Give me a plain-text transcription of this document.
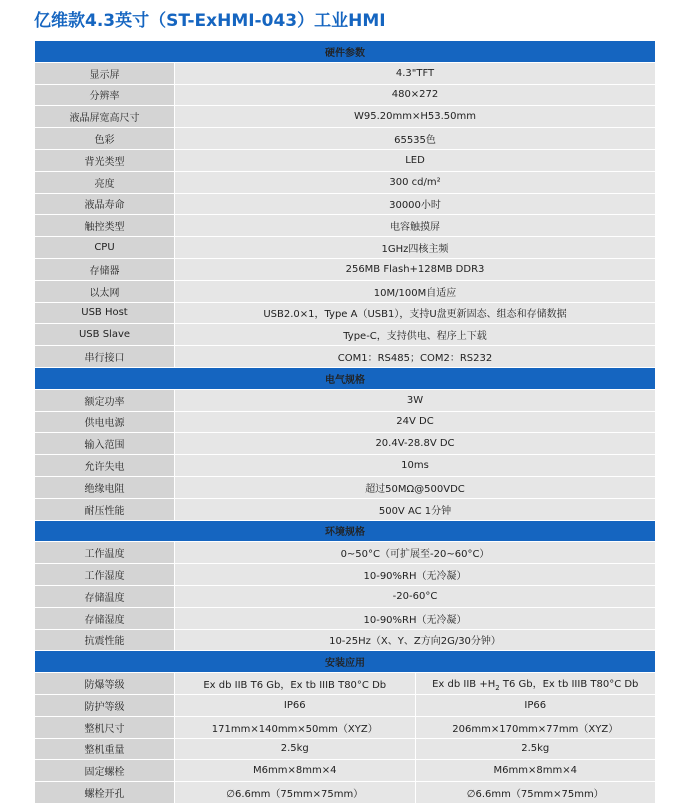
亿维款4.3英寸（ST-ExHMI-043）工业HMI
硬件参数		
显示屏	4.3"TFT	
分辨率	480×272	
液晶屏宽高尺寸	W95.20mm×H53.50mm	
色彩	65535色	
背光类型	LED	
亮度	300 cd/m²	
液晶寿命	30000小时	
触控类型	电容触摸屏	
CPU	1GHz四核主频	
存储器	256MB Flash+128MB DDR3	
以太网	10M/100M自适应	
USB Host	USB2.0×1，Type A（USB1），支持U盘更新固态、组态和存储数据	
USB Slave	Type-C，支持供电、程序上下载	
串行接口	COM1：RS485；COM2：RS232	
电气规格		
额定功率	3W	
供电电源	24V DC	
输入范围	20.4V-28.8V DC	
允许失电	10ms	
绝缘电阻	超过50MΩ@500VDC	
耐压性能	500V AC 1分钟	
环境规格		
工作温度	0~50°C（可扩展至-20~60°C）	
工作湿度	10-90%RH（无冷凝）	
存储温度	-20-60°C	
存储湿度	10-90%RH（无冷凝）	
抗震性能	10-25Hz（X、Y、Z方向2G/30分钟）	
安装应用		
防爆等级	Ex db IIB T6 Gb，Ex tb IIIB T80°C Db	Ex db IIB $+H_2$ T6 Gb，Ex tb IIIB T80°C Db
防护等级	IP66	IP66
整机尺寸	171mm×140mm×50mm（XYZ）	206mm×170mm×77mm（XYZ）
整机重量	2.5kg	2.5kg
固定螺栓	M6mm×8mm×4	M6mm×8mm×4
螺栓开孔	∅6.6mm（75mm×75mm）	∅6.6mm（75mm×75mm）
